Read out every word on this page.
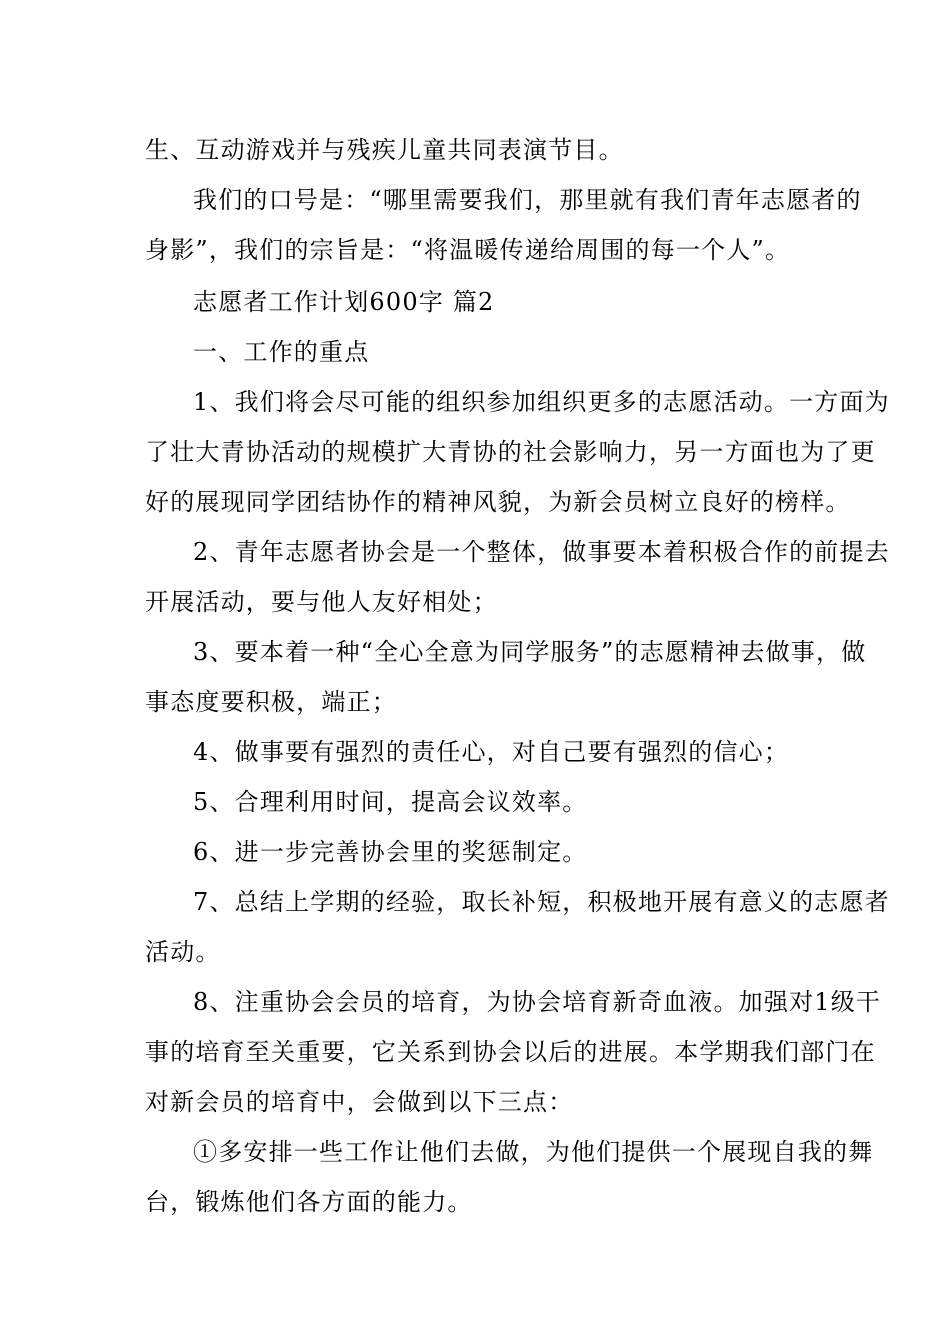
生、互动游戏并与残疾儿童共同表演节目。
我们的口号是：“哪里需要我们，那里就有我们青年志愿者的
身影”，我们的宗旨是：“将温暖传递给周围的每一个人”。
志愿者工作计划600字 篇2
一、工作的重点
1、我们将会尽可能的组织参加组织更多的志愿活动。一方面为
了壮大青协活动的规模扩大青协的社会影响力，另一方面也为了更
好的展现同学团结协作的精神风貌，为新会员树立良好的榜样。
2、青年志愿者协会是一个整体，做事要本着积极合作的前提去
开展活动，要与他人友好相处；
3、要本着一种“全心全意为同学服务”的志愿精神去做事，做
事态度要积极，端正；
4、做事要有强烈的责任心，对自己要有强烈的信心；
5、合理利用时间，提高会议效率。
6、进一步完善协会里的奖惩制定。
7、总结上学期的经验，取长补短，积极地开展有意义的志愿者
活动。
8、注重协会会员的培育，为协会培育新奇血液。加强对1级干
事的培育至关重要，它关系到协会以后的进展。本学期我们部门在
对新会员的培育中，会做到以下三点：
①多安排一些工作让他们去做，为他们提供一个展现自我的舞
台，锻炼他们各方面的能力。
